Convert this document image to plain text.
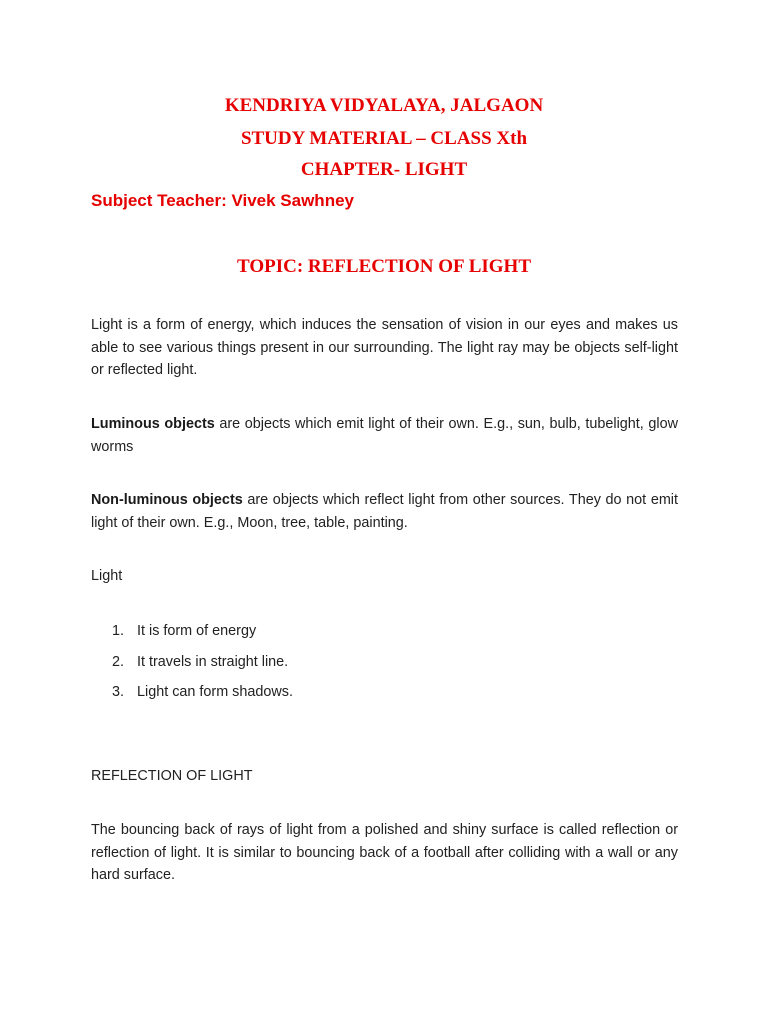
KENDRIYA VIDYALAYA, JALGAON
STUDY MATERIAL – CLASS Xth
CHAPTER- LIGHT
Subject Teacher: Vivek Sawhney
TOPIC: REFLECTION OF LIGHT
Light is a form of energy, which induces the sensation of vision in our eyes and makes us able to see various things present in our surrounding. The light ray may be objects self-light or reflected light.
Luminous objects are objects which emit light of their own. E.g., sun, bulb, tubelight, glow worms
Non-luminous objects are objects which reflect light from other sources. They do not emit light of their own. E.g., Moon, tree, table, painting.
Light
1. It is form of energy
2. It travels in straight line.
3. Light can form shadows.
REFLECTION OF LIGHT
The bouncing back of rays of light from a polished and shiny surface is called reflection or reflection of light. It is similar to bouncing back of a football after colliding with a wall or any hard surface.
